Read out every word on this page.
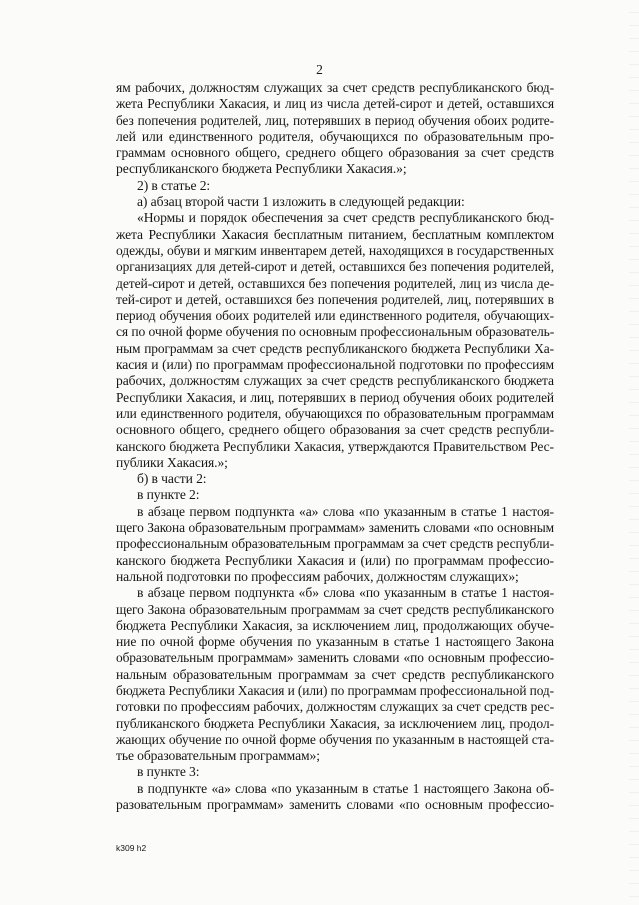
2
ям рабочих, должностям служащих за счет средств республиканского бюд-
жета Республики Хакасия, и лиц из числа детей-сирот и детей, оставшихся
без попечения родителей, лиц, потерявших в период обучения обоих родите-
лей или единственного родителя, обучающихся по образовательным про-
граммам основного общего, среднего общего образования за счет средств
республиканского бюджета Республики Хакасия.»;
2) в статье 2:
а) абзац второй части 1 изложить в следующей редакции:
«Нормы и порядок обеспечения за счет средств республиканского бюд-
жета Республики Хакасия бесплатным питанием, бесплатным комплектом
одежды, обуви и мягким инвентарем детей, находящихся в государственных
организациях для детей-сирот и детей, оставшихся без попечения родителей,
детей-сирот и детей, оставшихся без попечения родителей, лиц из числа де-
тей-сирот и детей, оставшихся без попечения родителей, лиц, потерявших в
период обучения обоих родителей или единственного родителя, обучающих-
ся по очной форме обучения по основным профессиональным образователь-
ным программам за счет средств республиканского бюджета Республики Ха-
касия и (или) по программам профессиональной подготовки по профессиям
рабочих, должностям служащих за счет средств республиканского бюджета
Республики Хакасия, и лиц, потерявших в период обучения обоих родителей
или единственного родителя, обучающихся по образовательным программам
основного общего, среднего общего образования за счет средств республи-
канского бюджета Республики Хакасия, утверждаются Правительством Рес-
публики Хакасия.»;
б) в части 2:
в пункте 2:
в абзаце первом подпункта «а» слова «по указанным в статье 1 настоя-
щего Закона образовательным программам» заменить словами «по основным
профессиональным образовательным программам за счет средств республи-
канского бюджета Республики Хакасия и (или) по программам профессио-
нальной подготовки по профессиям рабочих, должностям служащих»;
в абзаце первом подпункта «б» слова «по указанным в статье 1 настоя-
щего Закона образовательным программам за счет средств республиканского
бюджета Республики Хакасия, за исключением лиц, продолжающих обуче-
ние по очной форме обучения по указанным в статье 1 настоящего Закона
образовательным программам» заменить словами «по основным профессио-
нальным образовательным программам за счет средств республиканского
бюджета Республики Хакасия и (или) по программам профессиональной под-
готовки по профессиям рабочих, должностям служащих за счет средств рес-
публиканского бюджета Республики Хакасия, за исключением лиц, продол-
жающих обучение по очной форме обучения по указанным в настоящей ста-
тье образовательным программам»;
в пункте 3:
в подпункте «а» слова «по указанным в статье 1 настоящего Закона об-
разовательным программам» заменить словами «по основным профессио-
k309 h2
